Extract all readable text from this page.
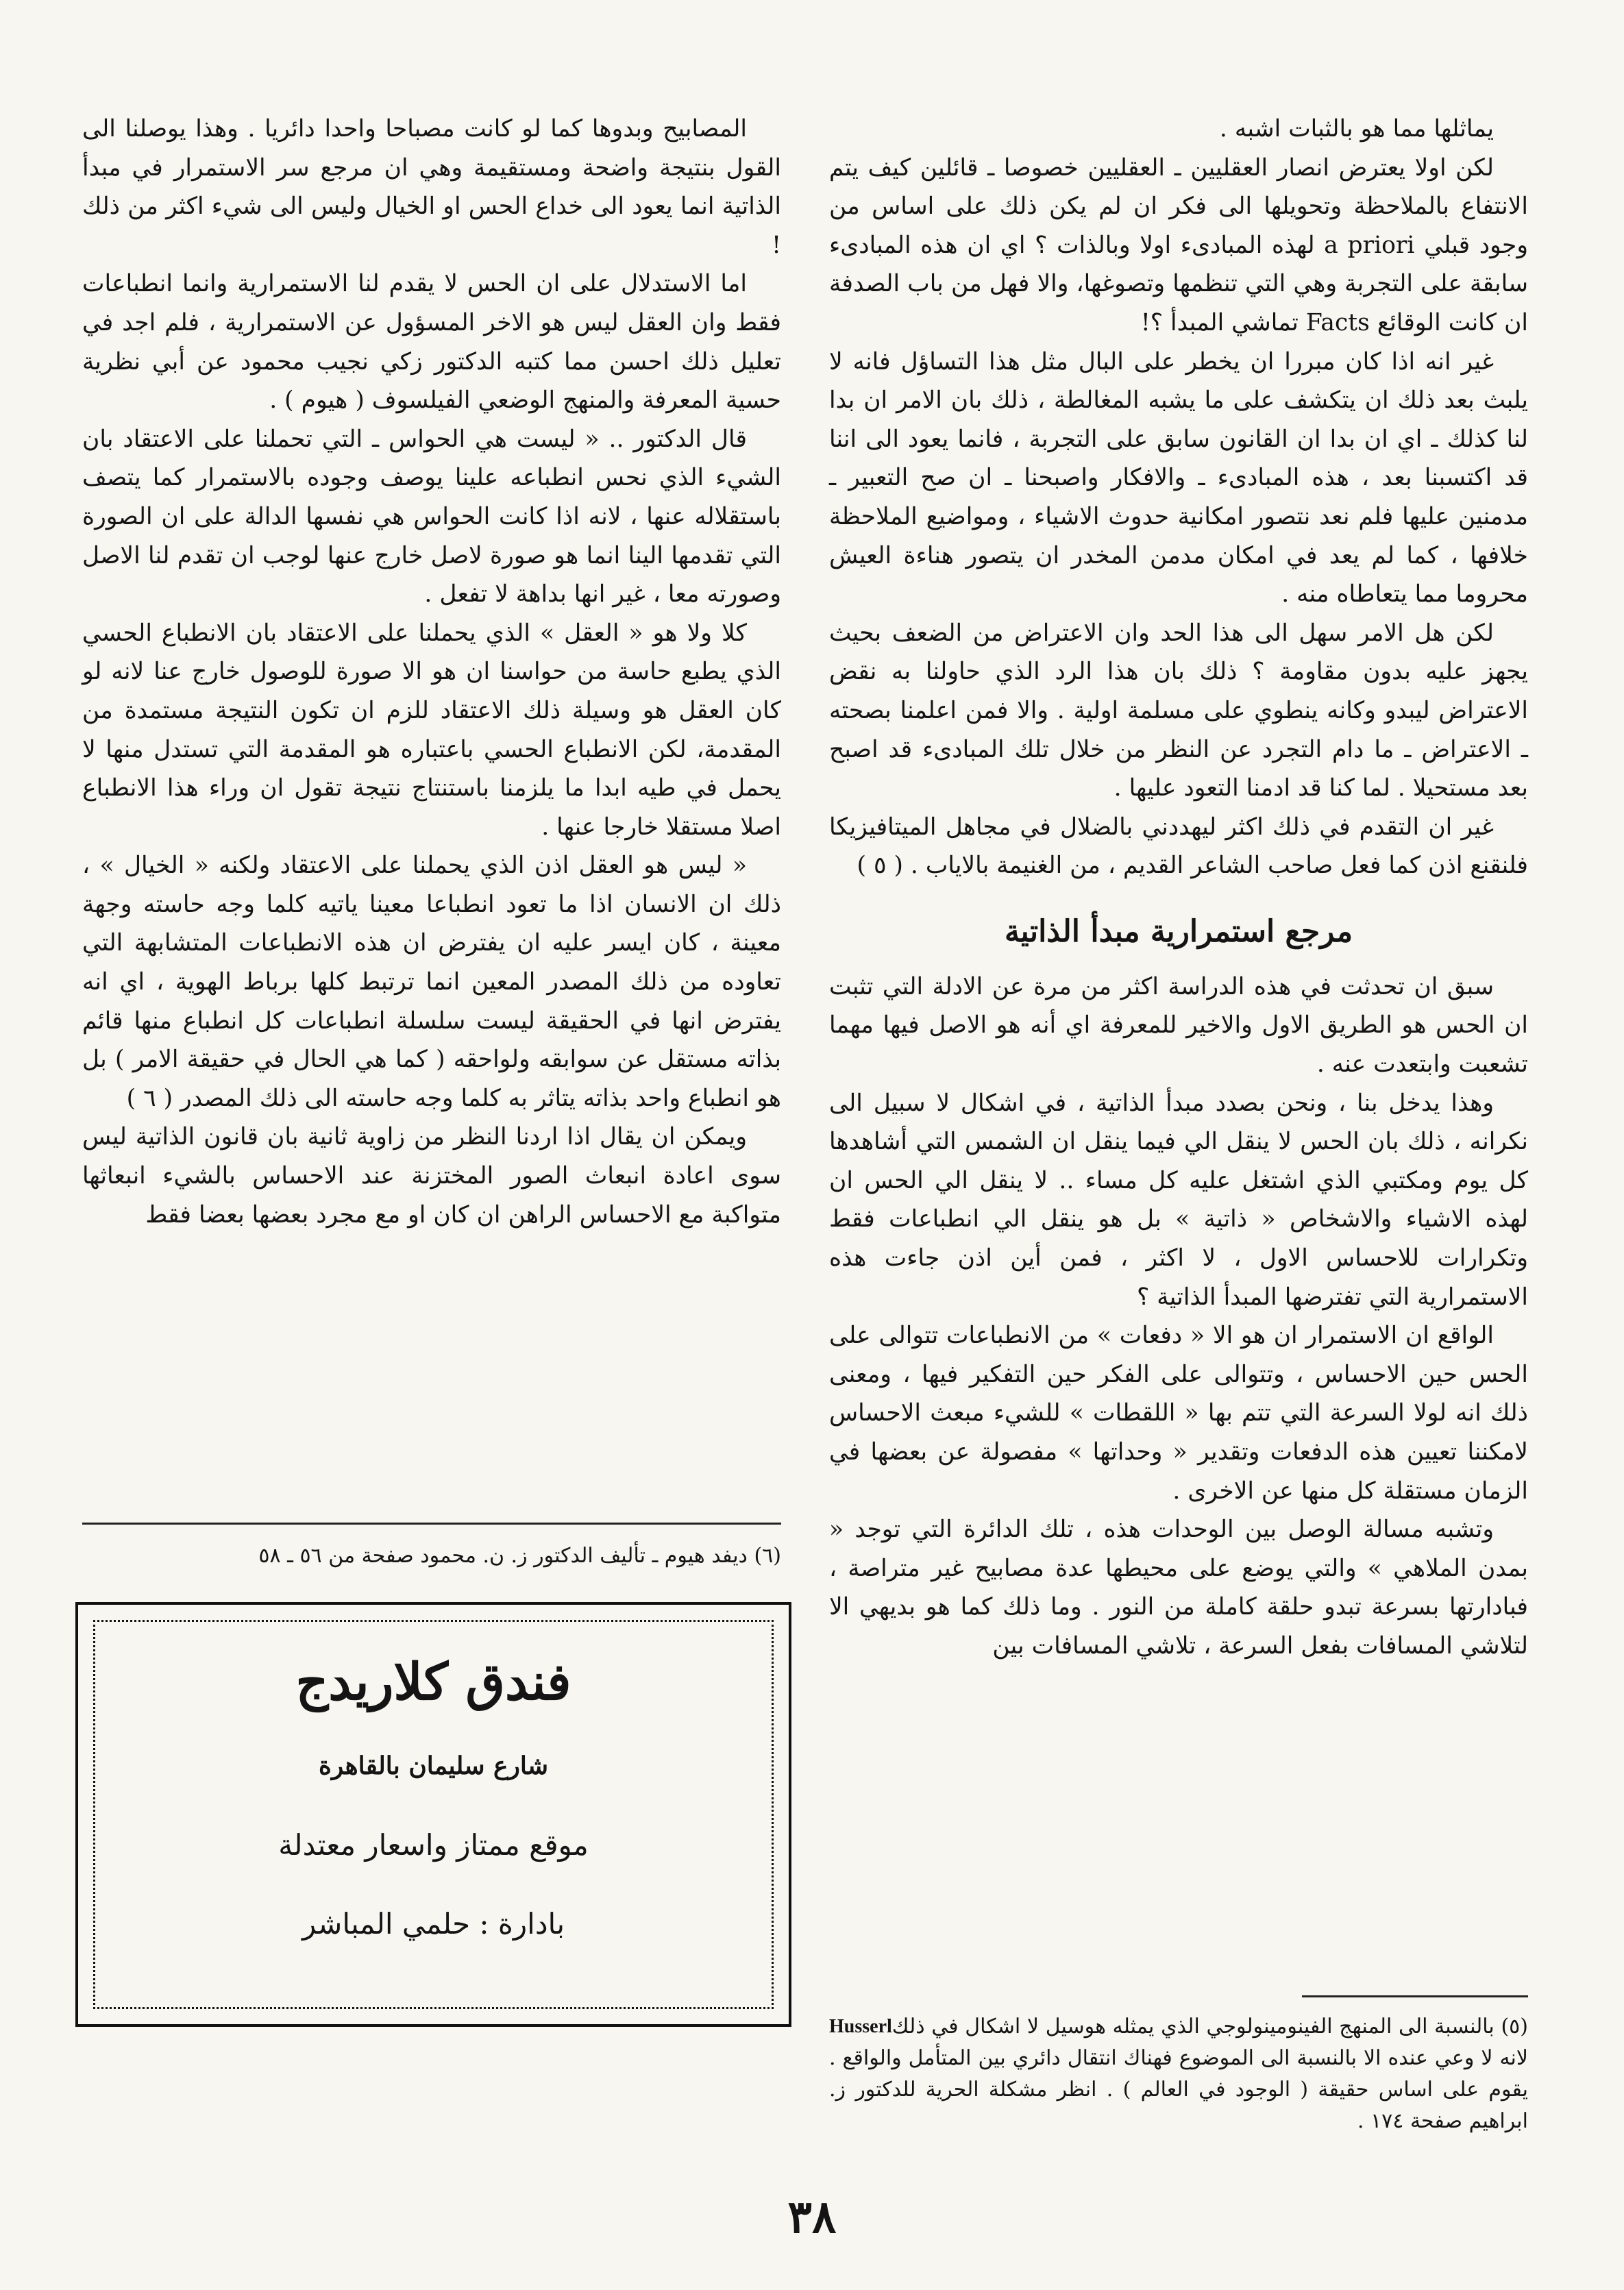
يماثلها مما هو بالثبات اشبه .

لكن اولا يعترض انصار العقليين ـ العقليين خصوصا ـ قائلين كيف يتم الانتفاع بالملاحظة وتحويلها الى فكر ان لم يكن ذلك على اساس من وجود قبلي a priori لهذه المبادىء اولا وبالذات ؟ اي ان هذه المبادىء سابقة على التجربة وهي التي تنظمها وتصوغها، والا فهل من باب الصدفة ان كانت الوقائع Facts تماشي المبدأ ؟!

غير انه اذا كان مبررا ان يخطر على البال مثل هذا التساؤل فانه لا يلبث بعد ذلك ان يتكشف على ما يشبه المغالطة ، ذلك بان الامر ان بدا لنا كذلك ـ اي ان بدا ان القانون سابق على التجربة ، فانما يعود الى اننا قد اكتسبنا بعد ، هذه المبادىء ـ والافكار واصبحنا ـ ان صح التعبير ـ مدمنين عليها فلم نعد نتصور امكانية حدوث الاشياء ، ومواضيع الملاحظة خلافها ، كما لم يعد في امكان مدمن المخدر ان يتصور هناءة العيش محروما مما يتعاطاه منه .

لكن هل الامر سهل الى هذا الحد وان الاعتراض من الضعف بحيث يجهز عليه بدون مقاومة ؟ ذلك بان هذا الرد الذي حاولنا به نقض الاعتراض ليبدو وكانه ينطوي على مسلمة اولية . والا فمن اعلمنا بصحته ـ الاعتراض ـ ما دام التجرد عن النظر من خلال تلك المبادىء قد اصبح بعد مستحيلا . لما كنا قد ادمنا التعود عليها .

غير ان التقدم في ذلك اكثر ليهددني بالضلال في مجاهل الميتافيزيكا فلنقنع اذن كما فعل صاحب الشاعر القديم ، من الغنيمة بالاياب . ( ٥ )

مرجع استمرارية مبدأ الذاتية

سبق ان تحدثت في هذه الدراسة اكثر من مرة عن الادلة التي تثبت ان الحس هو الطريق الاول والاخير للمعرفة اي أنه هو الاصل فيها مهما تشعبت وابتعدت عنه .

وهذا يدخل بنا ، ونحن بصدد مبدأ الذاتية ، في اشكال لا سبيل الى نكرانه ، ذلك بان الحس لا ينقل الي فيما ينقل ان الشمس التي أشاهدها كل يوم ومكتبي الذي اشتغل عليه كل مساء .. لا ينقل الي الحس ان لهذه الاشياء والاشخاص « ذاتية » بل هو ينقل الي انطباعات فقط وتكرارات للاحساس الاول ، لا اكثر ، فمن أين اذن جاءت هذه الاستمرارية التي تفترضها المبدأ الذاتية ؟

الواقع ان الاستمرار ان هو الا « دفعات » من الانطباعات تتوالى على الحس حين الاحساس ، وتتوالى على الفكر حين التفكير فيها ، ومعنى ذلك انه لولا السرعة التي تتم بها « اللقطات » للشيء مبعث الاحساس لامكننا تعيين هذه الدفعات وتقدير « وحداتها » مفصولة عن بعضها في الزمان مستقلة كل منها عن الاخرى .

وتشبه مسالة الوصل بين الوحدات هذه ، تلك الدائرة التي توجد « بمدن الملاهي » والتي يوضع على محيطها عدة مصابيح غير متراصة ، فبادارتها بسرعة تبدو حلقة كاملة من النور . وما ذلك كما هو بديهي الا لتلاشي المسافات بفعل السرعة ، تلاشي المسافات بين

المصابيح وبدوها كما لو كانت مصباحا واحدا دائريا . وهذا يوصلنا الى القول بنتيجة واضحة ومستقيمة وهي ان مرجع سر الاستمرار في مبدأ الذاتية انما يعود الى خداع الحس او الخيال وليس الى شيء اكثر من ذلك !

اما الاستدلال على ان الحس لا يقدم لنا الاستمرارية وانما انطباعات فقط وان العقل ليس هو الاخر المسؤول عن الاستمرارية ، فلم اجد في تعليل ذلك احسن مما كتبه الدكتور زكي نجيب محمود عن أبي نظرية حسية المعرفة والمنهج الوضعي الفيلسوف ( هيوم ) .

قال الدكتور .. « ليست هي الحواس ـ التي تحملنا على الاعتقاد بان الشيء الذي نحس انطباعه علينا يوصف وجوده بالاستمرار كما يتصف باستقلاله عنها ، لانه اذا كانت الحواس هي نفسها الدالة على ان الصورة التي تقدمها الينا انما هو صورة لاصل خارج عنها لوجب ان تقدم لنا الاصل وصورته معا ، غير انها بداهة لا تفعل .

كلا ولا هو « العقل » الذي يحملنا على الاعتقاد بان الانطباع الحسي الذي يطبع حاسة من حواسنا ان هو الا صورة للوصول خارج عنا لانه لو كان العقل هو وسيلة ذلك الاعتقاد للزم ان تكون النتيجة مستمدة من المقدمة، لكن الانطباع الحسي باعتباره هو المقدمة التي تستدل منها لا يحمل في طيه ابدا ما يلزمنا باستنتاج نتيجة تقول ان وراء هذا الانطباع اصلا مستقلا خارجا عنها .

« ليس هو العقل اذن الذي يحملنا على الاعتقاد ولكنه « الخيال » ، ذلك ان الانسان اذا ما تعود انطباعا معينا ياتيه كلما وجه حاسته وجهة معينة ، كان ايسر عليه ان يفترض ان هذه الانطباعات المتشابهة التي تعاوده من ذلك المصدر المعين انما ترتبط كلها برباط الهوية ، اي انه يفترض انها في الحقيقة ليست سلسلة انطباعات كل انطباع منها قائم بذاته مستقل عن سوابقه ولواحقه ( كما هي الحال في حقيقة الامر ) بل هو انطباع واحد بذاته يتاثر به كلما وجه حاسته الى ذلك المصدر ( ٦ )

ويمكن ان يقال اذا اردنا النظر من زاوية ثانية بان قانون الذاتية ليس سوى اعادة انبعاث الصور المختزنة عند الاحساس بالشيء انبعاثها متواكبة مع الاحساس الراهن ان كان او مع مجرد بعضها بعضا فقط

(٦) ديفد هيوم ـ تأليف الدكتور ز. ن. محمود صفحة من ٥٦ ـ ٥٨
Husserl (٥) بالنسبة الى المنهج الفينومينولوجي الذي يمثله هوسيل لا اشكال في ذلك لانه لا وعي عنده الا بالنسبة الى الموضوع فهناك انتقال دائري بين المتأمل والواقع . يقوم على اساس حقيقة ( الوجود في العالم ) . انظر مشكلة الحرية للدكتور ز. ابراهيم صفحة ١٧٤ .
فندق كلاريدج
شارع سليمان بالقاهرة
موقع ممتاز واسعار معتدلة
بادارة : حلمي المباشر
٣٨
